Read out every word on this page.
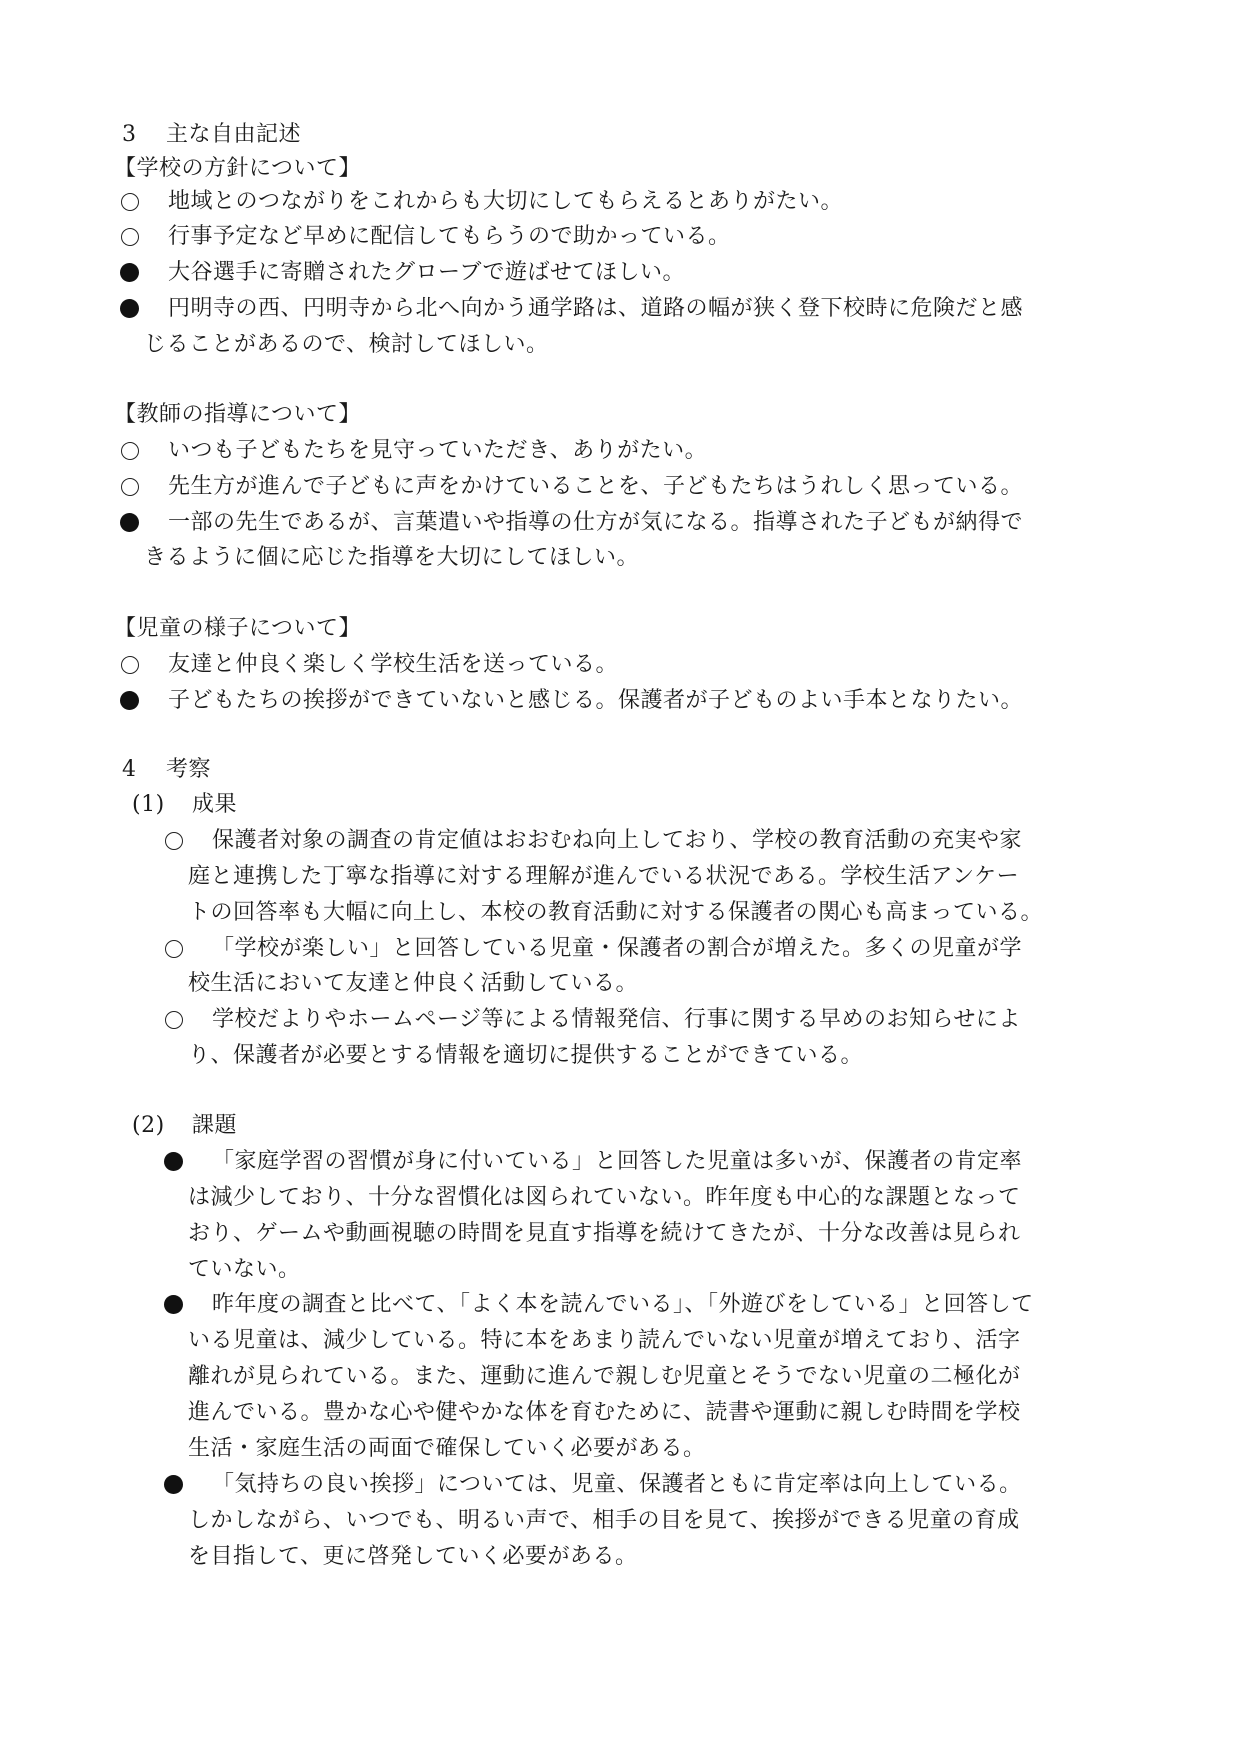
3 主な自由記述
【学校の方針について】
地域とのつながりをこれからも大切にしてもらえるとありがたい。
行事予定など早めに配信してもらうので助かっている。
大谷選手に寄贈されたグローブで遊ばせてほしい。
円明寺の西、円明寺から北へ向かう通学路は、道路の幅が狭く登下校時に危険だと感
じることがあるので、検討してほしい。
【教師の指導について】
いつも子どもたちを見守っていただき、ありがたい。
先生方が進んで子どもに声をかけていることを、子どもたちはうれしく思っている。
一部の先生であるが、言葉遣いや指導の仕方が気になる。指導された子どもが納得で
きるように個に応じた指導を大切にしてほしい。
【児童の様子について】
友達と仲良く楽しく学校生活を送っている。
子どもたちの挨拶ができていないと感じる。保護者が子どものよい手本となりたい。
4 考察
(1) 成果
保護者対象の調査の肯定値はおおむね向上しており、学校の教育活動の充実や家
庭と連携した丁寧な指導に対する理解が進んでいる状況である。学校生活アンケー
トの回答率も大幅に向上し、本校の教育活動に対する保護者の関心も高まっている。
「学校が楽しい」と回答している児童・保護者の割合が増えた。多くの児童が学
校生活において友達と仲良く活動している。
学校だよりやホームページ等による情報発信、行事に関する早めのお知らせによ
り、保護者が必要とする情報を適切に提供することができている。
(2) 課題
「家庭学習の習慣が身に付いている」と回答した児童は多いが、保護者の肯定率
は減少しており、十分な習慣化は図られていない。昨年度も中心的な課題となって
おり、ゲームや動画視聴の時間を見直す指導を続けてきたが、十分な改善は見られ
ていない。
昨年度の調査と比べて、「よく本を読んでいる」、「外遊びをしている」と回答して
いる児童は、減少している。特に本をあまり読んでいない児童が増えており、活字
離れが見られている。また、運動に進んで親しむ児童とそうでない児童の二極化が
進んでいる。豊かな心や健やかな体を育むために、読書や運動に親しむ時間を学校
生活・家庭生活の両面で確保していく必要がある。
「気持ちの良い挨拶」については、児童、保護者ともに肯定率は向上している。
しかしながら、いつでも、明るい声で、相手の目を見て、挨拶ができる児童の育成
を目指して、更に啓発していく必要がある。
